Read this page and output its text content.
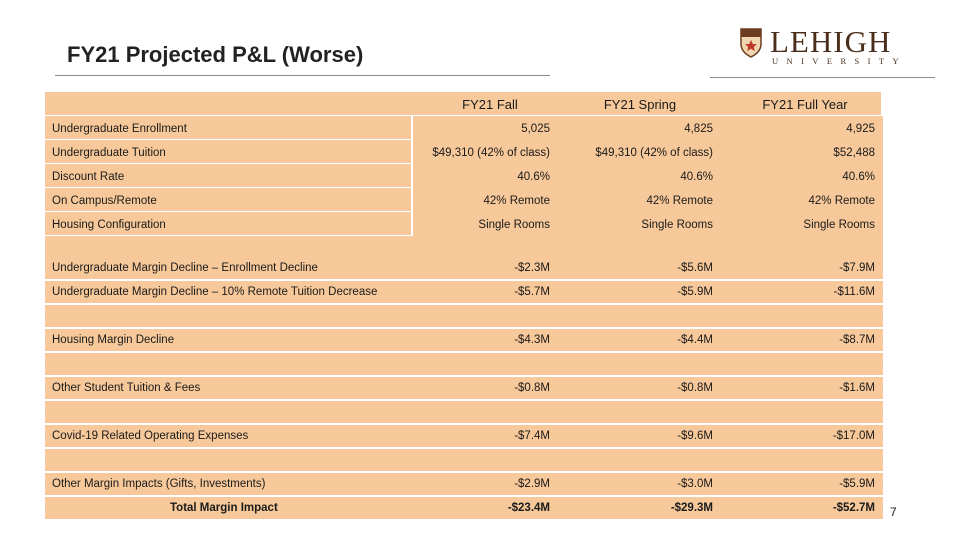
FY21 Projected P&L (Worse)	LEHIGH
UNIVERSITY
FY21 Fall	FY21 Spring	FY21 Full Year
Undergraduate Enrollment	5,025	4,825	4,925
Undergraduate Tuition	$49,310 (42% of class)	$49,310 (42% of class)	$52,488
Discount Rate	40.6%	40.6%	40.6%
On Campus/Remote	42% Remote	42% Remote	42% Remote
Housing Configuration	Single Rooms	Single Rooms	Single Rooms
Undergraduate Margin Decline – Enrollment Decline	-$2.3M	-$5.6M	-$7.9M
Undergraduate Margin Decline – 10% Remote Tuition Decrease	-$5.7M	-$5.9M	-$11.6M
Housing Margin Decline	-$4.3M	-$4.4M	-$8.7M
Other Student Tuition & Fees	-$0.8M	-$0.8M	-$1.6M
Covid-19 Related Operating Expenses	-$7.4M	-$9.6M	-$17.0M
Other Margin Impacts (Gifts, Investments)	-$2.9M	-$3.0M	-$5.9M
Total Margin Impact	-$23.4M	-$29.3M	-$52.7M 7
